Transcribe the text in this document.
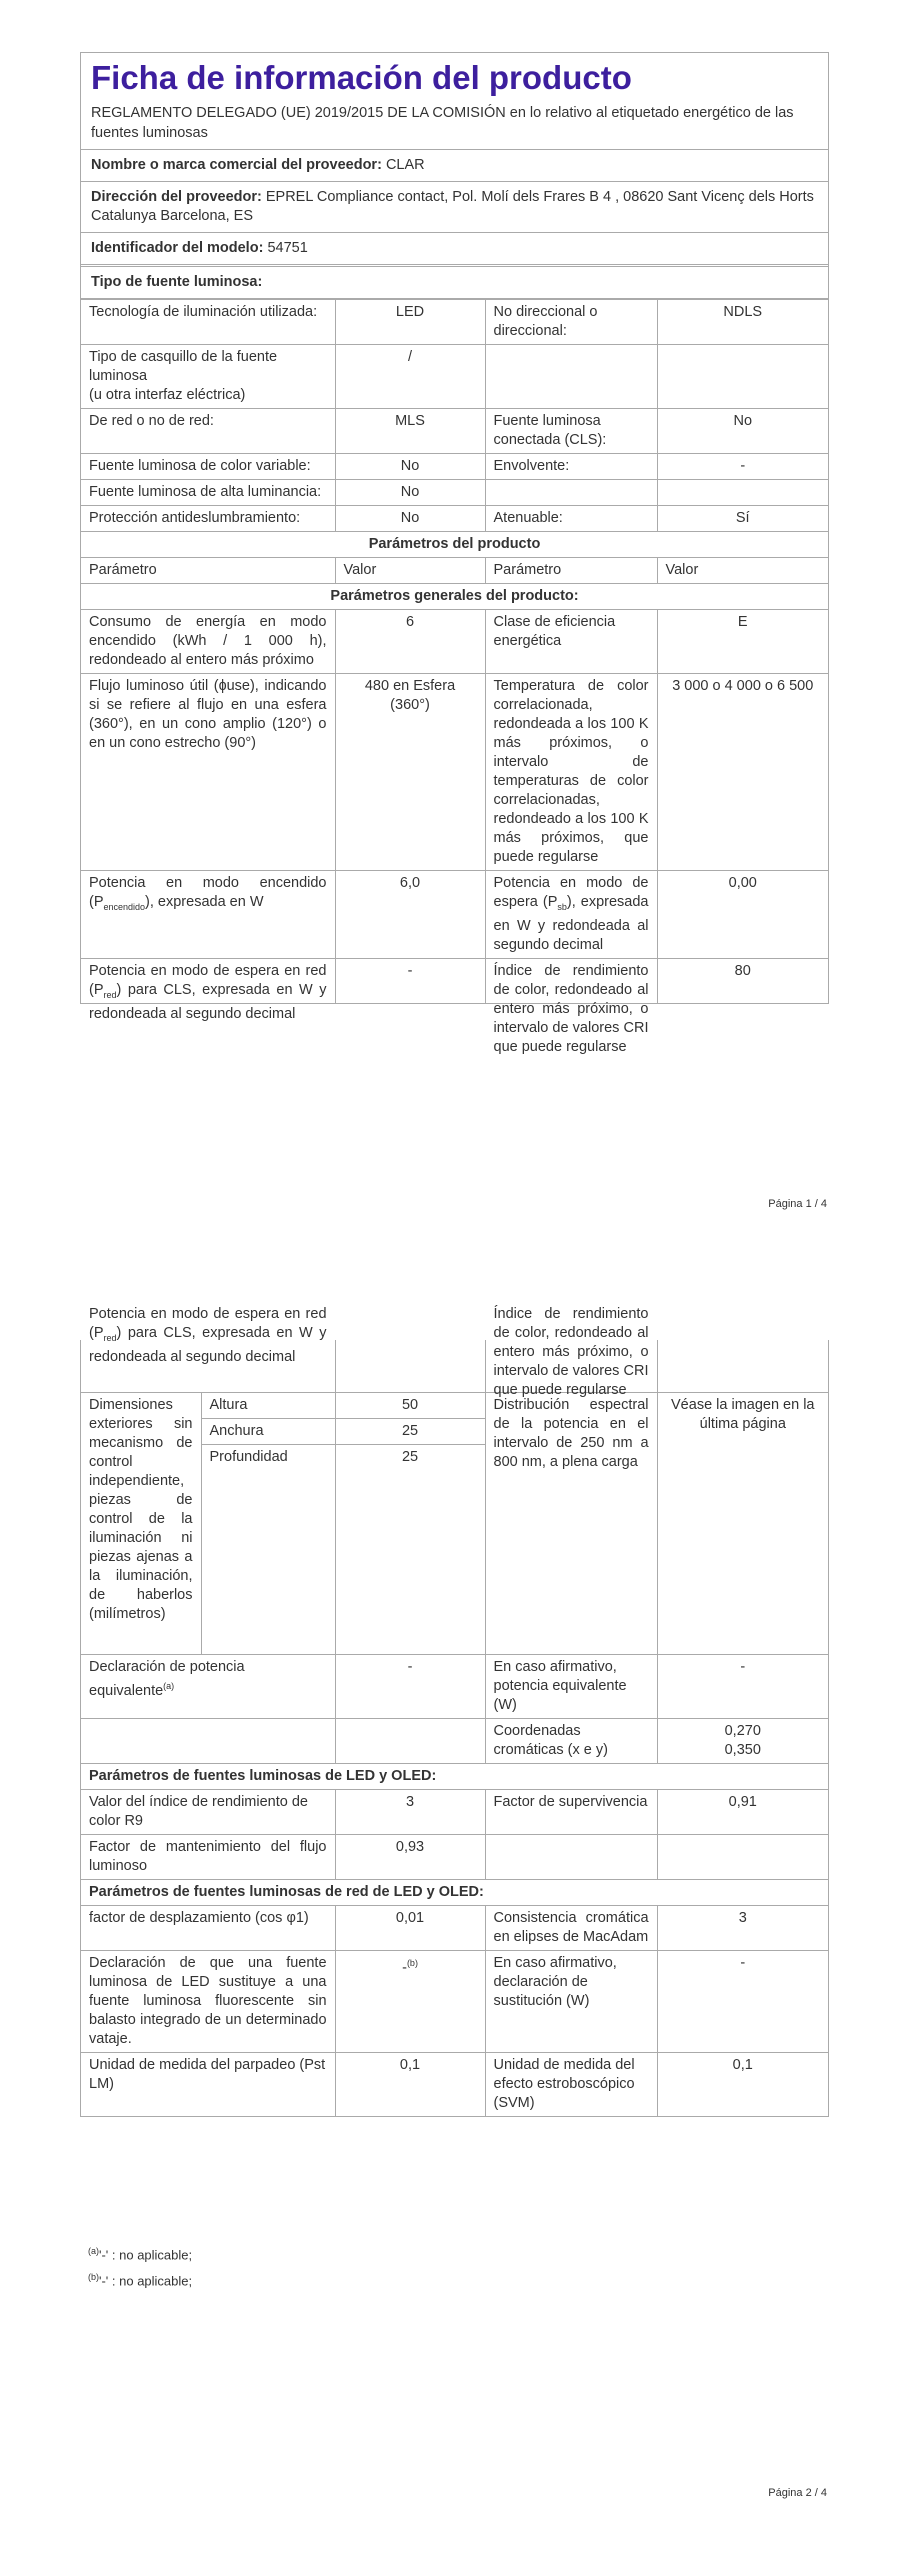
Ficha de información del producto
REGLAMENTO DELEGADO (UE) 2019/2015 DE LA COMISIÓN en lo relativo al etiquetado energético de las fuentes luminosas
Nombre o marca comercial del proveedor: CLAR
Dirección del proveedor: EPREL Compliance contact, Pol. Molí dels Frares B 4 , 08620 Sant Vicenç dels Horts Catalunya Barcelona, ES
Identificador del modelo: 54751
Tipo de fuente luminosa:
Tecnología de iluminación utilizada:	LED	No direccional o direccional:	NDLS
Tipo de casquillo de la fuente luminosa
(u otra interfaz eléctrica)	/		
De red o no de red:	MLS	Fuente luminosa conectada (CLS):	No
Fuente luminosa de color variable:	No	Envolvente:	-
Fuente luminosa de alta luminancia:	No		
Protección antideslumbramiento:	No	Atenuable:	Sí
Parámetros del producto			
Parámetro	Valor	Parámetro	Valor
Parámetros generales del producto:			
Consumo de energía en modo encendido (kWh / 1 000 h), redondeado al entero más próximo	6	Clase de eficiencia energética	E
Flujo luminoso útil (ɸuse), indicando si se refiere al flujo en una esfera (360°), en un cono amplio (120°) o en un cono estrecho (90°)	480 en Esfera (360°)	Temperatura de color correlacionada, redondeada a los 100 K más próximos, o intervalo de temperaturas de color correlacionadas, redondeado a los 100 K más próximos, que puede regularse	3 000 o 4 000 o 6 500
Potencia en modo encendido $(P_{encendido})$, expresada en W	6,0	Potencia en modo de espera $(P_{sb})$, expresada en W y redondeada al segundo decimal	0,00

Potencia en modo de espera en red $(P_{red})$ para CLS, expresada en W y redondeada al segundo decimal	-	Índice de rendimiento de color, redondeado al entero más próximo, o intervalo de valores CRI que puede regularse	80
Página 1 / 4
Potencia en modo de espera en red $(P_{red})$ para CLS, expresada en W y redondeada al segundo decimal			Índice de rendimiento de color, redondeado al entero más próximo, o intervalo de valores CRI que puede regularse	

Dimensiones exteriores sin mecanismo de control independiente, piezas de control de la iluminación ni piezas ajenas a la iluminación, de haberlos (milímetros)	Altura	50	Distribución espectral de la potencia en el intervalo de 250 nm a 800 nm, a plena carga	Véase la imagen en la última página
	Anchura	25		
	Profundidad	25		
Declaración de potencia equivalente$^{(a)}$		-	En caso afirmativo, potencia equivalente (W)	-
			Coordenadas cromáticas (x e y)	0,270
0,350
Parámetros de fuentes luminosas de LED y OLED:				
Valor del índice de rendimiento de color R9		3	Factor de supervivencia	0,91
Factor de mantenimiento del flujo luminoso		0,93		
Parámetros de fuentes luminosas de red de LED y OLED:				
factor de desplazamiento (cos φ1)		0,01	Consistencia cromática en elipses de MacAdam	3
Declaración de que una fuente luminosa de LED sustituye a una fuente luminosa fluorescente sin balasto integrado de un determinado vataje.		-$^{(b)}$	En caso afirmativo, declaración de sustitución (W)	-
Unidad de medida del parpadeo (Pst LM)		0,1	Unidad de medida del efecto estroboscópico (SVM)	0,1
$^{(a)}$'-' : no aplicable;
$^{(b)}$'-' : no aplicable;
Página 2 / 4
